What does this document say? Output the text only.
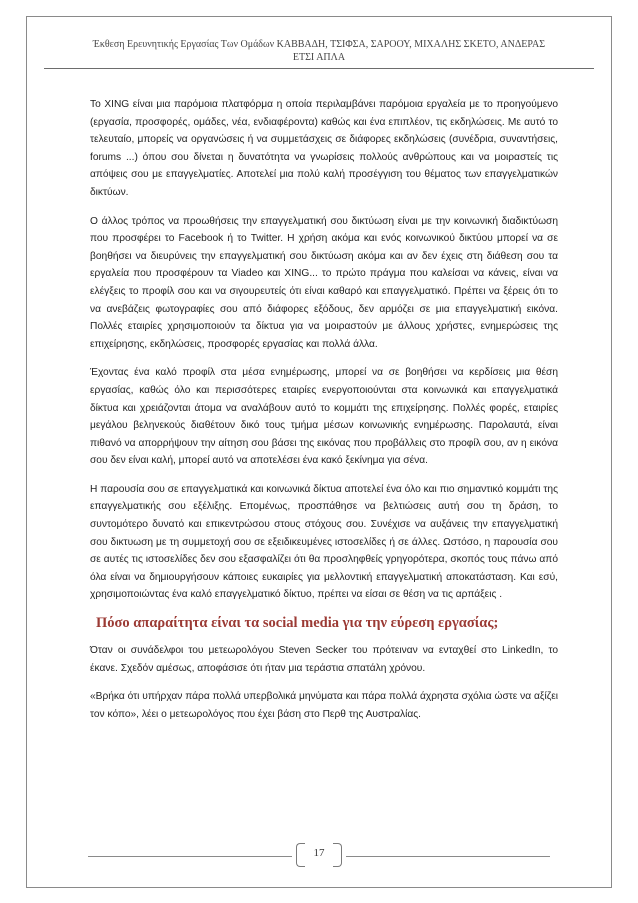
Έκθεση Ερευνητικής Εργασίας Των Ομάδων ΚΑΒΒΑΔΗ, ΤΣΙΦΣΑ, ΣΑΡΟΟΥ, ΜΙΧΑΛΗΣ ΣΚΕΤΟ, ΑΝΔΕΡΑΣ
ΕΤΣΙ ΑΠΛΑ

Το XING είναι μια παρόμοια πλατφόρμα η οποία περιλαμβάνει παρόμοια εργαλεία με το προηγούμενο (εργασία, προσφορές, ομάδες, νέα, ενδιαφέροντα) καθώς και ένα επιπλέον, τις εκδηλώσεις. Με αυτό το τελευταίο, μπορείς να οργανώσεις ή να συμμετάσχεις σε διάφορες εκδηλώσεις (συνέδρια, συναντήσεις, forums ...) όπου σου δίνεται η δυνατότητα να γνωρίσεις πολλούς ανθρώπους και να μοιραστείς τις απόψεις σου με επαγγελματίες. Αποτελεί μια πολύ καλή προσέγγιση του θέματος των επαγγελματικών δικτύων.

Ο άλλος τρόπος να προωθήσεις την επαγγελματική σου δικτύωση είναι με την κοινωνική διαδικτύωση που προσφέρει το Facebook ή το Twitter. Η χρήση ακόμα και ενός κοινωνικού δικτύου μπορεί να σε βοηθήσει να διευρύνεις την επαγγελματική σου δικτύωση ακόμα και αν δεν έχεις στη διάθεση σου τα εργαλεία που προσφέρουν τα Viadeo και XING... το πρώτο πράγμα που καλείσαι να κάνεις, είναι να ελέγξεις το προφίλ σου και να σιγουρευτείς ότι είναι καθαρό και επαγγελματικό. Πρέπει να ξέρεις ότι το να ανεβάζεις φωτογραφίες σου από διάφορες εξόδους, δεν αρμόζει σε μια επαγγελματική εικόνα. Πολλές εταιρίες χρησιμοποιούν τα δίκτυα για να μοιραστούν με άλλους χρήστες, ενημερώσεις της επιχείρησης, εκδηλώσεις, προσφορές εργασίας και πολλά άλλα.

Έχοντας ένα καλό προφίλ στα μέσα ενημέρωσης, μπορεί να σε βοηθήσει να κερδίσεις μια θέση εργασίας, καθώς όλο και περισσότερες εταιρίες ενεργοποιούνται στα κοινωνικά και επαγγελματικά δίκτυα και χρειάζονται άτομα να αναλάβουν αυτό το κομμάτι της επιχείρησης. Πολλές φορές, εταιρίες μεγάλου βεληνεκούς διαθέτουν δικό τους τμήμα μέσων κοινωνικής ενημέρωσης. Παρολαυτά, είναι πιθανό να απορρήψουν την αίτηση σου βάσει της εικόνας που προβάλλεις στο προφίλ σου, αν η εικόνα σου δεν είναι καλή, μπορεί αυτό να αποτελέσει ένα κακό ξεκίνημα για σένα.

Η παρουσία σου σε επαγγελματικά και κοινωνικά δίκτυα αποτελεί ένα όλο και πιο σημαντικό κομμάτι της επαγγελματικής σου εξέλιξης. Επομένως, προσπάθησε να βελτιώσεις αυτή σου τη δράση, το συντομότερο δυνατό και επικεντρώσου στους στόχους σου. Συνέχισε να αυξάνεις την επαγγελματική σου δικτυωση με τη συμμετοχή σου σε εξειδικευμένες ιστοσελίδες ή σε άλλες. Ωστόσο, η παρουσία σου σε αυτές τις ιστοσελίδες δεν σου εξασφαλίζει ότι θα προσληφθείς γρηγορότερα, σκοπός τους πάνω από όλα είναι να δημιουργήσουν κάποιες ευκαιρίες για μελλοντική επαγγελματική αποκατάσταση. Και εσύ, χρησιμοποιώντας ένα καλό επαγγελματικό δίκτυο, πρέπει να είσαι σε θέση να τις αρπάξεις .

Πόσο απαραίτητα είναι τα social media για την εύρεση εργασίας;

Όταν οι συνάδελφοι του μετεωρολόγου Steven Secker του πρότειναν να ενταχθεί στο LinkedIn, το έκανε. Σχεδόν αμέσως, αποφάσισε ότι ήταν μια τεράστια σπατάλη χρόνου.

«Βρήκα ότι υπήρχαν πάρα πολλά υπερβολικά μηνύματα και πάρα πολλά άχρηστα σχόλια ώστε να αξίζει τον κόπο», λέει ο μετεωρολόγος που έχει βάση στο Περθ της Αυστραλίας.

17
